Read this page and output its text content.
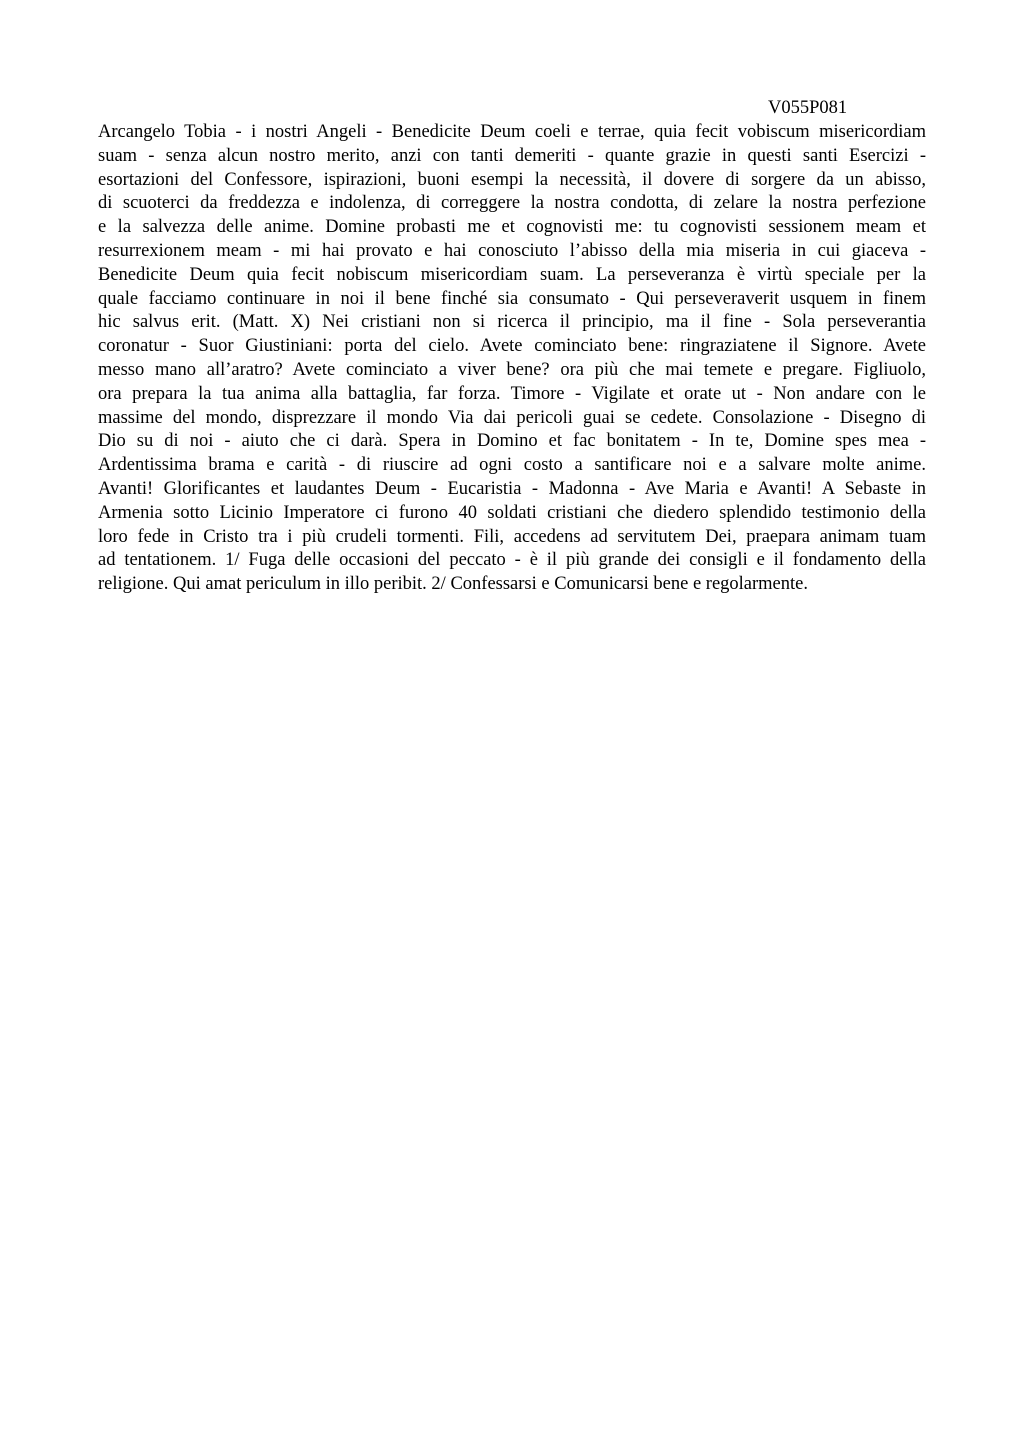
V055P081
Arcangelo Tobia - i nostri Angeli - Benedicite Deum coeli e terrae, quia fecit vobiscum misericordiam
suam - senza alcun nostro merito, anzi con tanti demeriti - quante grazie in questi santi Esercizi -
esortazioni del Confessore, ispirazioni, buoni esempi la necessità, il dovere di sorgere da un abisso,
di scuoterci da freddezza e indolenza, di correggere la nostra condotta, di zelare la nostra perfezione
e la salvezza delle anime. Domine probasti me et cognovisti me: tu cognovisti sessionem meam et
resurrexionem meam - mi hai provato e hai conosciuto l’abisso della mia miseria in cui giaceva -
Benedicite Deum quia fecit nobiscum misericordiam suam. La perseveranza è virtù speciale per la
quale facciamo continuare in noi il bene finché sia consumato - Qui perseveraverit usquem in finem
hic salvus erit. (Matt. X) Nei cristiani non si ricerca il principio, ma il fine - Sola perseverantia
coronatur - Suor Giustiniani: porta del cielo. Avete cominciato bene: ringraziatene il Signore. Avete
messo mano all’aratro? Avete cominciato a viver bene? ora più che mai temete e pregare. Figliuolo,
ora prepara la tua anima alla battaglia, far forza. Timore - Vigilate et orate ut - Non andare con le
massime del mondo, disprezzare il mondo Via dai pericoli guai se cedete. Consolazione - Disegno di
Dio su di noi - aiuto che ci darà. Spera in Domino et fac bonitatem - In te, Domine spes mea -
Ardentissima brama e carità - di riuscire ad ogni costo a santificare noi e a salvare molte anime.
Avanti! Glorificantes et laudantes Deum - Eucaristia - Madonna - Ave Maria e Avanti! A Sebaste in
Armenia sotto Licinio Imperatore ci furono 40 soldati cristiani che diedero splendido testimonio della
loro fede in Cristo tra i più crudeli tormenti. Fili, accedens ad servitutem Dei, praepara animam tuam
ad tentationem. 1/ Fuga delle occasioni del peccato - è il più grande dei consigli e il fondamento della
religione. Qui amat periculum in illo peribit. 2/ Confessarsi e Comunicarsi bene e regolarmente.
